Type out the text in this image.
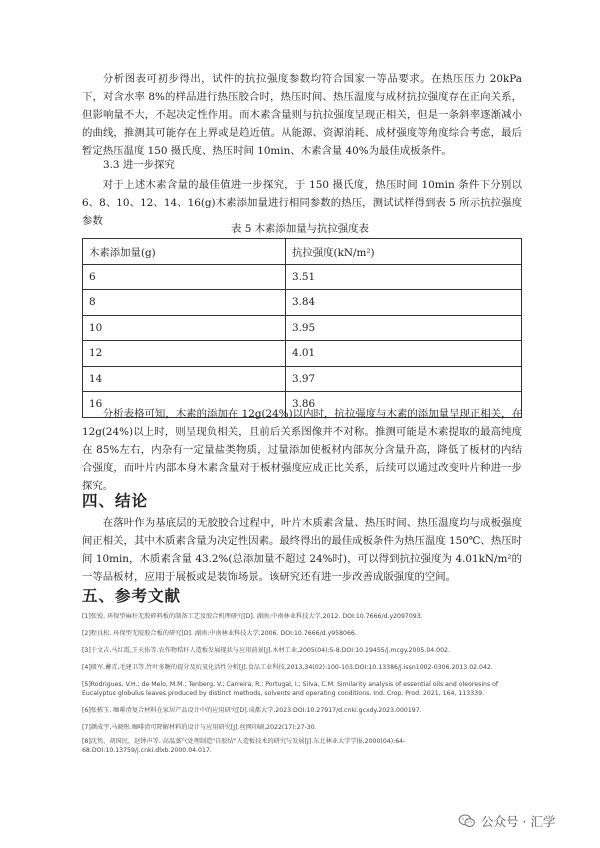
分析图表可初步得出，试件的抗拉强度参数均符合国家一等品要求。在热压压力 20kPa 下，对含水率 8%的样品进行热压胶合时，热压时间、热压温度与成材抗拉强度存在正向关系，但影响量不大，不起决定性作用。而木素含量则与抗拉强度呈现正相关，但是一条斜率逐渐减小的曲线，推测其可能存在上界或是趋近值。从能源、资源消耗、成材强度等角度综合考虑，最后暂定热压温度 150 摄氏度、热压时间 10min、木素含量 40%为最佳成板条件。

3.3 进一步探究

对于上述木素含量的最佳值进一步探究，于 150 摄氏度，热压时间 10min 条件下分别以 6、8、10、12、14、16(g)木素添加量进行相同参数的热压，测试试样得到表 5 所示抗拉强度参数

表 5 木素添加量与抗拉强度表

木素添加量(g)	抗拉强度(kN/m²)
6	3.51
8	3.84
10	3.95
12	4.01
14	3.97
16	3.86

分析表格可知，木素的添加在 12g(24%)以内时，抗拉强度与木素的添加量呈现正相关，在 12g(24%)以上时，则呈现负相关，且前后关系图像并不对称。推测可能是木素提取的最高纯度在 85%左右，内杂有一定量盐类物质，过量添加使板材内部灰分含量升高，降低了板材的内结合强度，而叶片内部本身木素含量对于板材强度应成正比关系，后续可以通过改变叶片种进一步探究。

四、结论

在落叶作为基底层的无胶胶合过程中，叶片木质素含量、热压时间、热压温度均与成板强度间正相关，其中木质素含量为决定性因素。最终得出的最佳成板条件为热压温度 150℃、热压时间 10min，木质素含量 43.2%(总添加量不超过 24%时)，可以得到抗拉强度为 4.01kN/m²的一等品板材，应用于展板或是装饰场景。该研究还有进一步改善成版强度的空间。

五、参考文献

[1]张锐. 环保型麻秆无胶碎料板的制备工艺及胶合机理研究[D]. 湖南:中南林业科技大学,2012. DOI:10.7666/d.y2097093.

[2]程良松. 环保型无胶胶合板的研究[D]. 湖南:中南林业科技大学,2006. DOI:10.7666/d.y958066.

[3]于文吉,马红霞,王天佑等.农作物秸秆人造板发展现状与应用前景[J].木材工业,2005(04):5-8.DOI:10.19455/j.mcgy.2005.04.002.

[4]般军,蓄青,毛建卫等.竹叶多糖的提分及抗氧化活性分析[J].食品工业科技,2013,34(02):100-103.DOI:10.13386/j.issn1002-0306.2013.02.042.

[5]Rodrigues, V.H.; de Melo, M.M.; Tenberg, V.; Carreira, R.; Portugal, I.; Silva, C.M. Similarity analysis of essential oils and oleoresins of Eucalyptus globulus leaves produced by distinct methods, solvents and operating conditions. Ind. Crop. Prod. 2021, 164, 113339.

[6]张栋玉. 咖啡渣复合材料在家居产品设计中的应用研究[D].成都大学,2023.DOI:10.27917/d.cnki.gcxdy.2023.000197.

[7]颜成宇,马晓彤.咖啡渣可降解材料的设计与应用研究[J].丝网印刷,2022(17):27-30.

[8]沈隽，胡国民，赵钟声等. 高温蒸气处理制造"自胶结"人造板技术的研究与发展[J].东北林业大学学报,2000(04):64-68.DOI:10.13759/j.cnki.dlxb.2000.04.017.

公众号 · 汇学
